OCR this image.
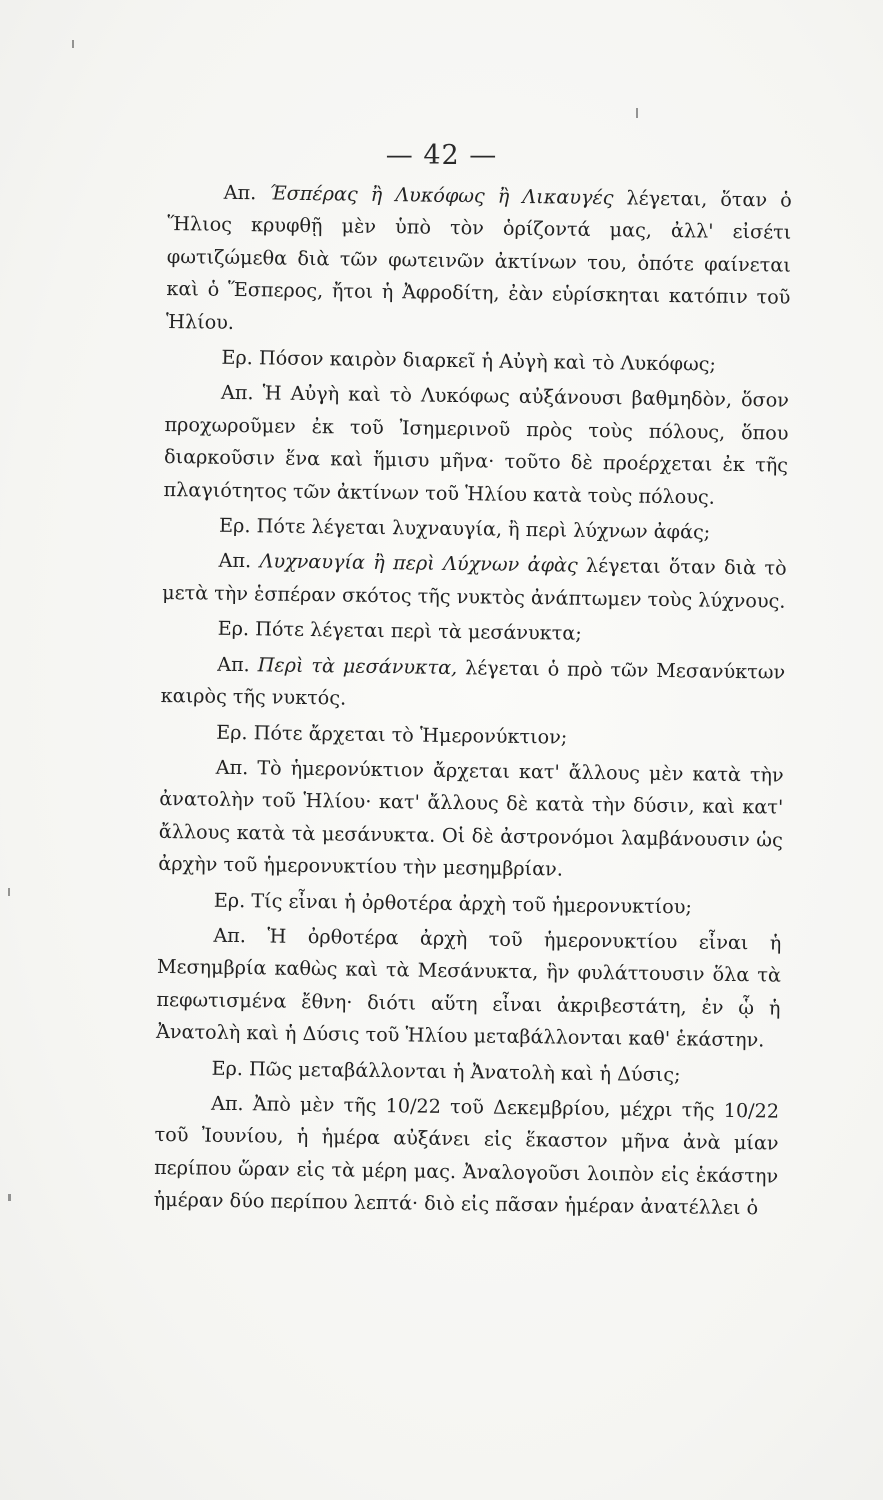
— 42 —

Απ. Έσπέρας ἢ Λυκόφως ἢ Λικαυγές λέγεται, ὅταν ὁ Ἥλιος κρυφθῇ μὲν ὑπὸ τὸν ὁρίζοντά μας, ἀλλ' εἰσέτι φωτιζώμεθα διὰ τῶν φωτεινῶν ἀκτίνων του, ὁπότε φαίνεται καὶ ὁ Ἕσπερος, ἤτοι ἡ Ἀφροδίτη, ἐὰν εὑρίσκηται κατόπιν τοῦ Ἡλίου.

Ερ. Πόσον καιρὸν διαρκεῖ ἡ Αὐγὴ καὶ τὸ Λυκόφως;

Απ. Ἡ Αὐγὴ καὶ τὸ Λυκόφως αὐξάνουσι βαθμηδὸν, ὅσον προχωροῦμεν ἐκ τοῦ Ἰσημερινοῦ πρὸς τοὺς πόλους, ὅπου διαρκοῦσιν ἕνα καὶ ἥμισυ μῆνα· τοῦτο δὲ προέρχεται ἐκ τῆς πλαγιότητος τῶν ἀκτίνων τοῦ Ἡλίου κατὰ τοὺς πόλους.

Ερ. Πότε λέγεται λυχναυγία, ἢ περὶ λύχνων ἀφάς;

Απ. Λυχναυγία ἢ περὶ Λύχνων ἀφὰς λέγεται ὅταν διὰ τὸ μετὰ τὴν ἑσπέραν σκότος τῆς νυκτὸς ἀνάπτωμεν τοὺς λύχνους.

Ερ. Πότε λέγεται περὶ τὰ μεσάνυκτα;

Απ. Περὶ τὰ μεσάνυκτα, λέγεται ὁ πρὸ τῶν Μεσανύκτων καιρὸς τῆς νυκτός.

Ερ. Πότε ἄρχεται τὸ Ἡμερονύκτιον;

Απ. Τὸ ἡμερονύκτιον ἄρχεται κατ' ἄλλους μὲν κατὰ τὴν ἀνατολὴν τοῦ Ἡλίου· κατ' ἄλλους δὲ κατὰ τὴν δύσιν, καὶ κατ' ἄλλους κατὰ τὰ μεσάνυκτα. Οἱ δὲ ἀστρονόμοι λαμβάνουσιν ὡς ἀρχὴν τοῦ ἡμερονυκτίου τὴν μεσημβρίαν.

Ερ. Τίς εἶναι ἡ ὀρθοτέρα ἀρχὴ τοῦ ἡμερονυκτίου;

Απ. Ἡ ὀρθοτέρα ἀρχὴ τοῦ ἡμερονυκτίου εἶναι ἡ Μεσημβρία καθὼς καὶ τὰ Μεσάνυκτα, ἣν φυλάττουσιν ὅλα τὰ πεφωτισμένα ἔθνη· διότι αὕτη εἶναι ἀκριβεστάτη, ἐν ᾧ ἡ Ἀνατολὴ καὶ ἡ Δύσις τοῦ Ἡλίου μεταβάλλονται καθ' ἑκάστην.

Ερ. Πῶς μεταβάλλονται ἡ Ἀνατολὴ καὶ ἡ Δύσις;

Απ. Ἀπὸ μὲν τῆς 10/22 τοῦ Δεκεμβρίου, μέχρι τῆς 10/22 τοῦ Ἰουνίου, ἡ ἡμέρα αὐξάνει εἰς ἕκαστον μῆνα ἀνὰ μίαν περίπου ὥραν εἰς τὰ μέρη μας. Ἀναλογοῦσι λοιπὸν εἰς ἑκάστην ἡμέραν δύο περίπου λεπτά· διὸ εἰς πᾶσαν ἡμέραν ἀνατέλλει ὁ
